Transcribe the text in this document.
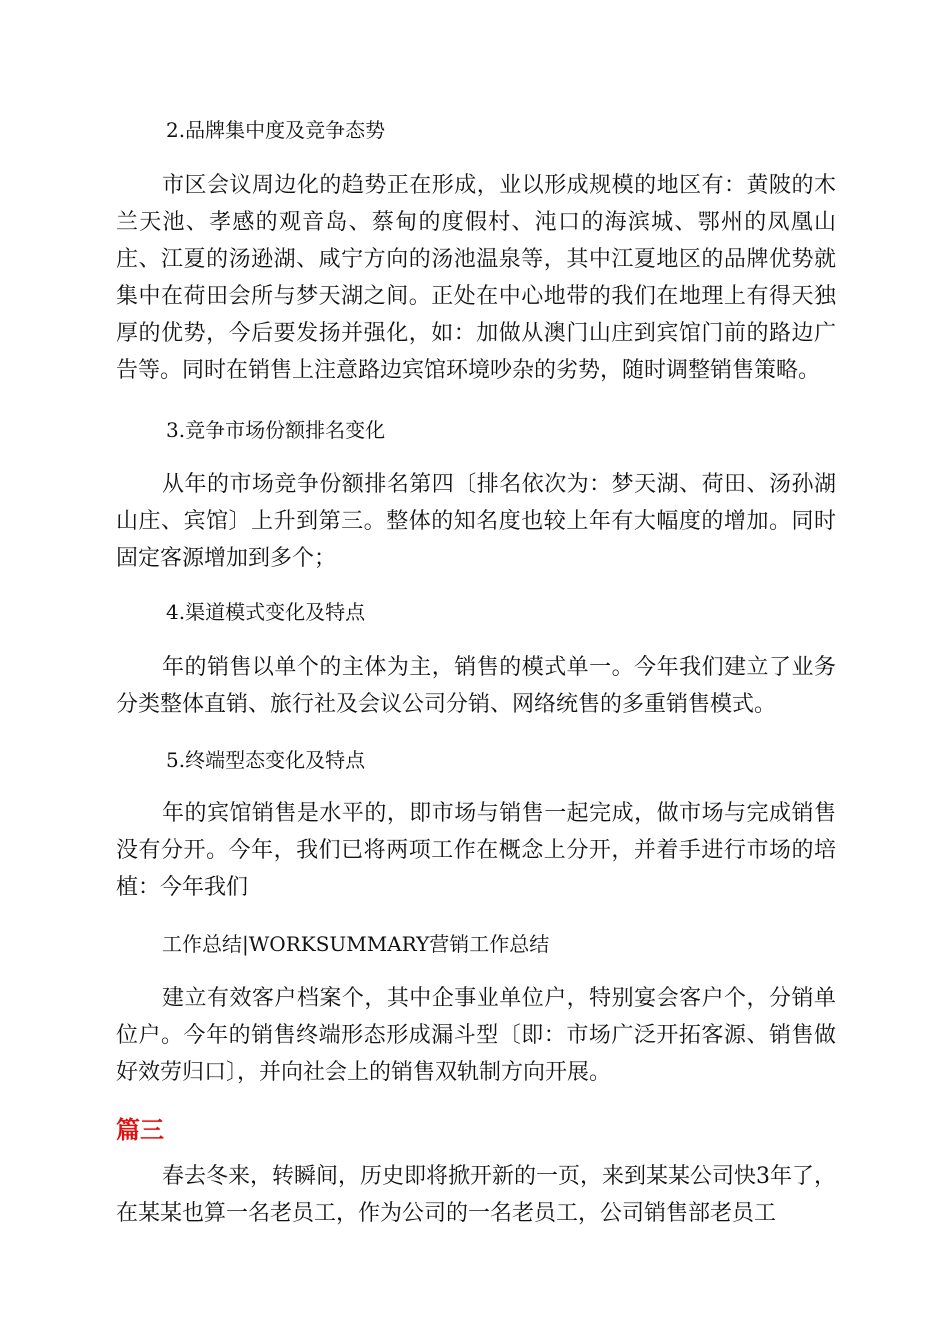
2.品牌集中度及竞争态势
市区会议周边化的趋势正在形成，业以形成规模的地区有：黄陂的木兰天池、孝感的观音岛、蔡甸的度假村、沌口的海滨城、鄂州的凤凰山庄、江夏的汤逊湖、咸宁方向的汤池温泉等，其中江夏地区的品牌优势就集中在荷田会所与梦天湖之间。正处在中心地带的我们在地理上有得天独厚的优势，今后要发扬并强化，如：加做从澳门山庄到宾馆门前的路边广告等。同时在销售上注意路边宾馆环境吵杂的劣势，随时调整销售策略。
3.竞争市场份额排名变化
从年的市场竞争份额排名第四〔排名依次为：梦天湖、荷田、汤孙湖山庄、宾馆〕上升到第三。整体的知名度也较上年有大幅度的增加。同时固定客源增加到多个；
4.渠道模式变化及特点
年的销售以单个的主体为主，销售的模式单一。今年我们建立了业务分类整体直销、旅行社及会议公司分销、网络统售的多重销售模式。
5.终端型态变化及特点
年的宾馆销售是水平的，即市场与销售一起完成，做市场与完成销售没有分开。今年，我们已将两项工作在概念上分开，并着手进行市场的培植：今年我们
工作总结|WORKSUMMARY营销工作总结
建立有效客户档案个，其中企事业单位户，特别宴会客户个，分销单位户。今年的销售终端形态形成漏斗型〔即：市场广泛开拓客源、销售做好效劳归口〕，并向社会上的销售双轨制方向开展。
篇三
春去冬来，转瞬间，历史即将掀开新的一页，来到某某公司快3年了，在某某也算一名老员工，作为公司的一名老员工，公司销售部老员工
